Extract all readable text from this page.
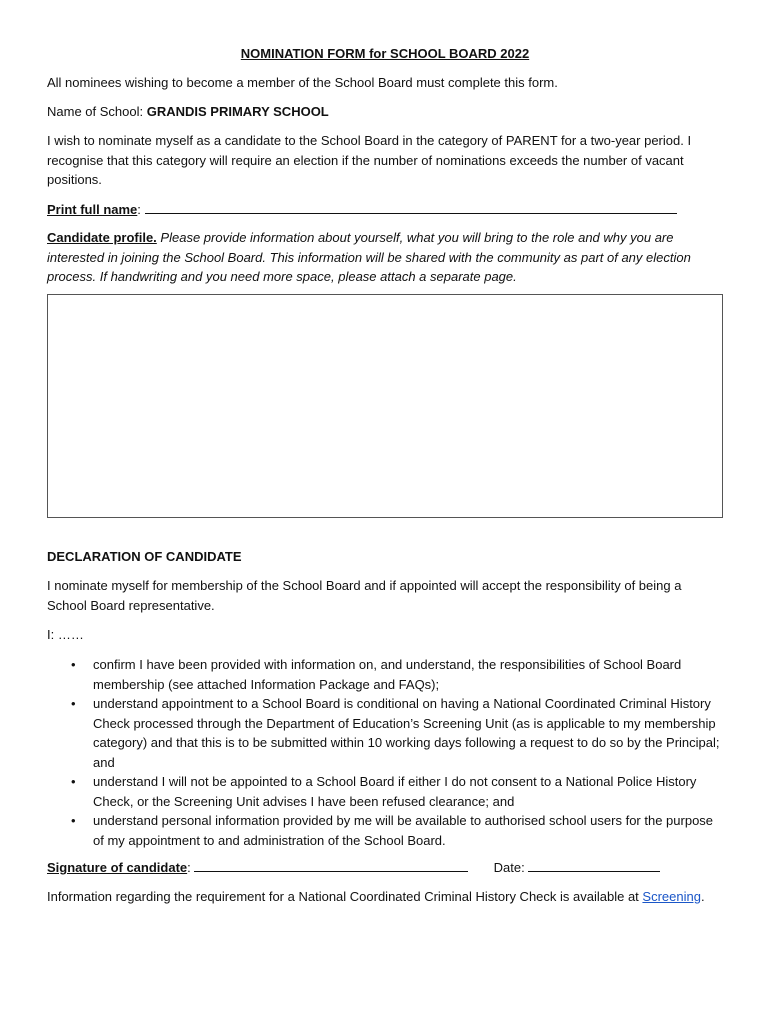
NOMINATION FORM for SCHOOL BOARD 2022
All nominees wishing to become a member of the School Board must complete this form.
Name of School: GRANDIS PRIMARY SCHOOL
I wish to nominate myself as a candidate to the School Board in the category of PARENT for a two-year period. I recognise that this category will require an election if the number of nominations exceeds the number of vacant positions.
Print full name:
Candidate profile. Please provide information about yourself, what you will bring to the role and why you are interested in joining the School Board. This information will be shared with the community as part of any election process. If handwriting and you need more space, please attach a separate page.
DECLARATION OF CANDIDATE
I nominate myself for membership of the School Board and if appointed will accept the responsibility of being a School Board representative.
I: ……
• confirm I have been provided with information on, and understand, the responsibilities of School Board membership (see attached Information Package and FAQs);
• understand appointment to a School Board is conditional on having a National Coordinated Criminal History Check processed through the Department of Education’s Screening Unit (as is applicable to my membership category) and that this is to be submitted within 10 working days following a request to do so by the Principal; and
• understand I will not be appointed to a School Board if either I do not consent to a National Police History Check, or the Screening Unit advises I have been refused clearance; and
• understand personal information provided by me will be available to authorised school users for the purpose of my appointment to and administration of the School Board.
Signature of candidate:	Date:
Information regarding the requirement for a National Coordinated Criminal History Check is available at Screening.
